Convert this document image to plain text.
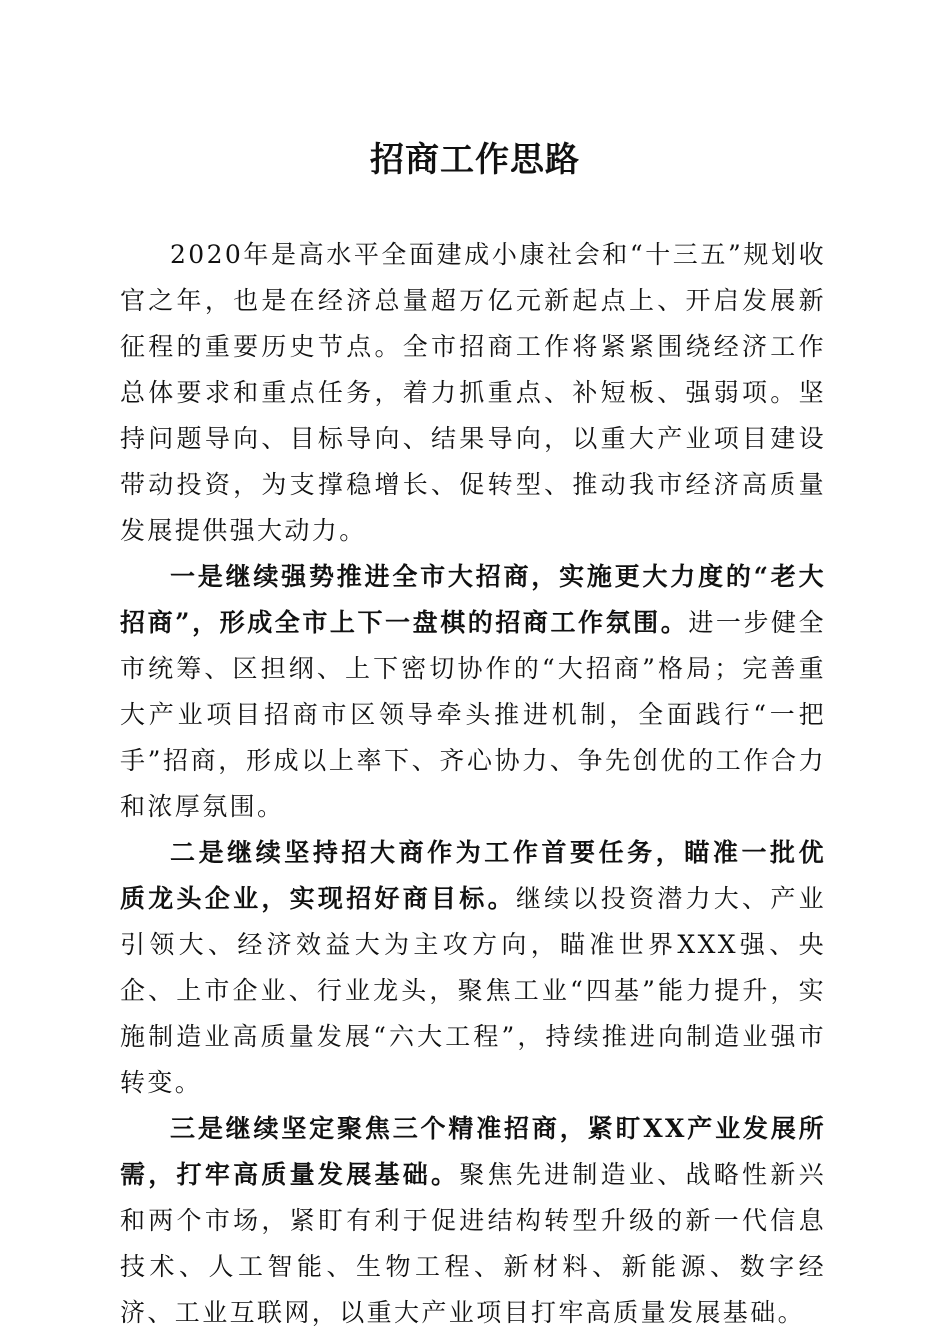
招商工作思路

2020年是高水平全面建成小康社会和“十三五”规划收官之年，也是在经济总量超万亿元新起点上、开启发展新征程的重要历史节点。全市招商工作将紧紧围绕经济工作总体要求和重点任务，着力抓重点、补短板、强弱项。坚持问题导向、目标导向、结果导向，以重大产业项目建设带动投资，为支撑稳增长、促转型、推动我市经济高质量发展提供强大动力。

一是继续强势推进全市大招商，实施更大力度的“老大招商”，形成全市上下一盘棋的招商工作氛围。进一步健全市统筹、区担纲、上下密切协作的“大招商”格局；完善重大产业项目招商市区领导牵头推进机制，全面践行“一把手”招商，形成以上率下、齐心协力、争先创优的工作合力和浓厚氛围。

二是继续坚持招大商作为工作首要任务，瞄准一批优质龙头企业，实现招好商目标。继续以投资潜力大、产业引领大、经济效益大为主攻方向，瞄准世界XXX强、央企、上市企业、行业龙头，聚焦工业“四基”能力提升，实施制造业高质量发展“六大工程”，持续推进向制造业强市转变。

三是继续坚定聚焦三个精准招商，紧盯XX产业发展所需，打牢高质量发展基础。聚焦先进制造业、战略性新兴和两个市场，紧盯有利于促进结构转型升级的新一代信息技术、人工智能、生物工程、新材料、新能源、数字经济、工业互联网，以重大产业项目打牢高质量发展基础。
